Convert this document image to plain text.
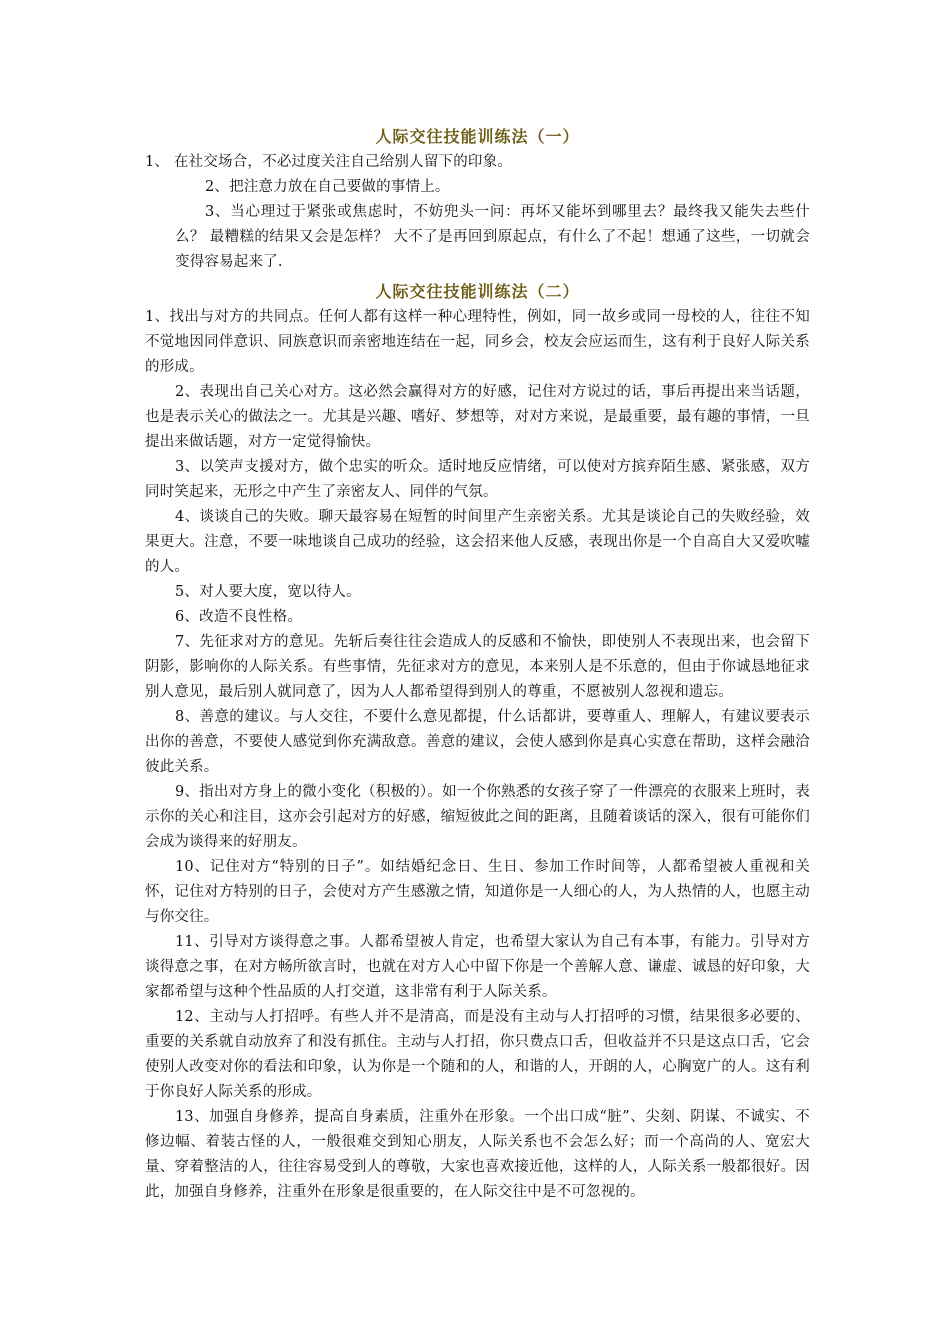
人际交往技能训练法（一）

1、 在社交场合，不必过度关注自己给别人留下的印象。

2、把注意力放在自己要做的事情上。

3、当心理过于紧张或焦虑时，不妨兜头一问：再坏又能坏到哪里去？最终我又能失去些什么？ 最糟糕的结果又会是怎样？ 大不了是再回到原起点，有什么了不起！想通了这些，一切就会变得容易起来了.

人际交往技能训练法（二）

1、找出与对方的共同点。任何人都有这样一种心理特性，例如，同一故乡或同一母校的人，往往不知不觉地因同伴意识、同族意识而亲密地连结在一起，同乡会，校友会应运而生，这有利于良好人际关系的形成。

2、表现出自己关心对方。这必然会赢得对方的好感，记住对方说过的话，事后再提出来当话题，也是表示关心的做法之一。尤其是兴趣、嗜好、梦想等，对对方来说，是最重要，最有趣的事情，一旦提出来做话题，对方一定觉得愉快。

3、以笑声支援对方，做个忠实的听众。适时地反应情绪，可以使对方摈弃陌生感、紧张感，双方同时笑起来，无形之中产生了亲密友人、同伴的气氛。

4、谈谈自己的失败。聊天最容易在短暂的时间里产生亲密关系。尤其是谈论自己的失败经验，效果更大。注意，不要一味地谈自己成功的经验，这会招来他人反感，表现出你是一个自高自大又爱吹嘘的人。

5、对人要大度，宽以待人。

6、改造不良性格。

7、先征求对方的意见。先斩后奏往往会造成人的反感和不愉快，即使别人不表现出来，也会留下阴影，影响你的人际关系。有些事情，先征求对方的意见，本来别人是不乐意的，但由于你诚恳地征求别人意见，最后别人就同意了，因为人人都希望得到别人的尊重，不愿被别人忽视和遗忘。

8、善意的建议。与人交往，不要什么意见都提，什么话都讲，要尊重人、理解人，有建议要表示出你的善意，不要使人感觉到你充满敌意。善意的建议，会使人感到你是真心实意在帮助，这样会融洽彼此关系。

9、指出对方身上的微小变化（积极的）。如一个你熟悉的女孩子穿了一件漂亮的衣服来上班时，表示你的关心和注目，这亦会引起对方的好感，缩短彼此之间的距离，且随着谈话的深入，很有可能你们会成为谈得来的好朋友。

10、记住对方“特别的日子”。如结婚纪念日、生日、参加工作时间等，人都希望被人重视和关怀，记住对方特别的日子，会使对方产生感激之情，知道你是一人细心的人，为人热情的人，也愿主动与你交往。

11、引导对方谈得意之事。人都希望被人肯定，也希望大家认为自己有本事，有能力。引导对方谈得意之事，在对方畅所欲言时，也就在对方人心中留下你是一个善解人意、谦虚、诚恳的好印象，大家都希望与这种个性品质的人打交道，这非常有利于人际关系。

12、主动与人打招呼。有些人并不是清高，而是没有主动与人打招呼的习惯，结果很多必要的、重要的关系就自动放弃了和没有抓住。主动与人打招，你只费点口舌，但收益并不只是这点口舌，它会使别人改变对你的看法和印象，认为你是一个随和的人，和谐的人，开朗的人，心胸宽广的人。这有利于你良好人际关系的形成。

13、加强自身修养，提高自身素质，注重外在形象。一个出口成“脏”、尖刻、阴谋、不诚实、不修边幅、着装古怪的人，一般很难交到知心朋友，人际关系也不会怎么好；而一个高尚的人、宽宏大量、穿着整洁的人，往往容易受到人的尊敬，大家也喜欢接近他，这样的人，人际关系一般都很好。因此，加强自身修养，注重外在形象是很重要的，在人际交往中是不可忽视的。
